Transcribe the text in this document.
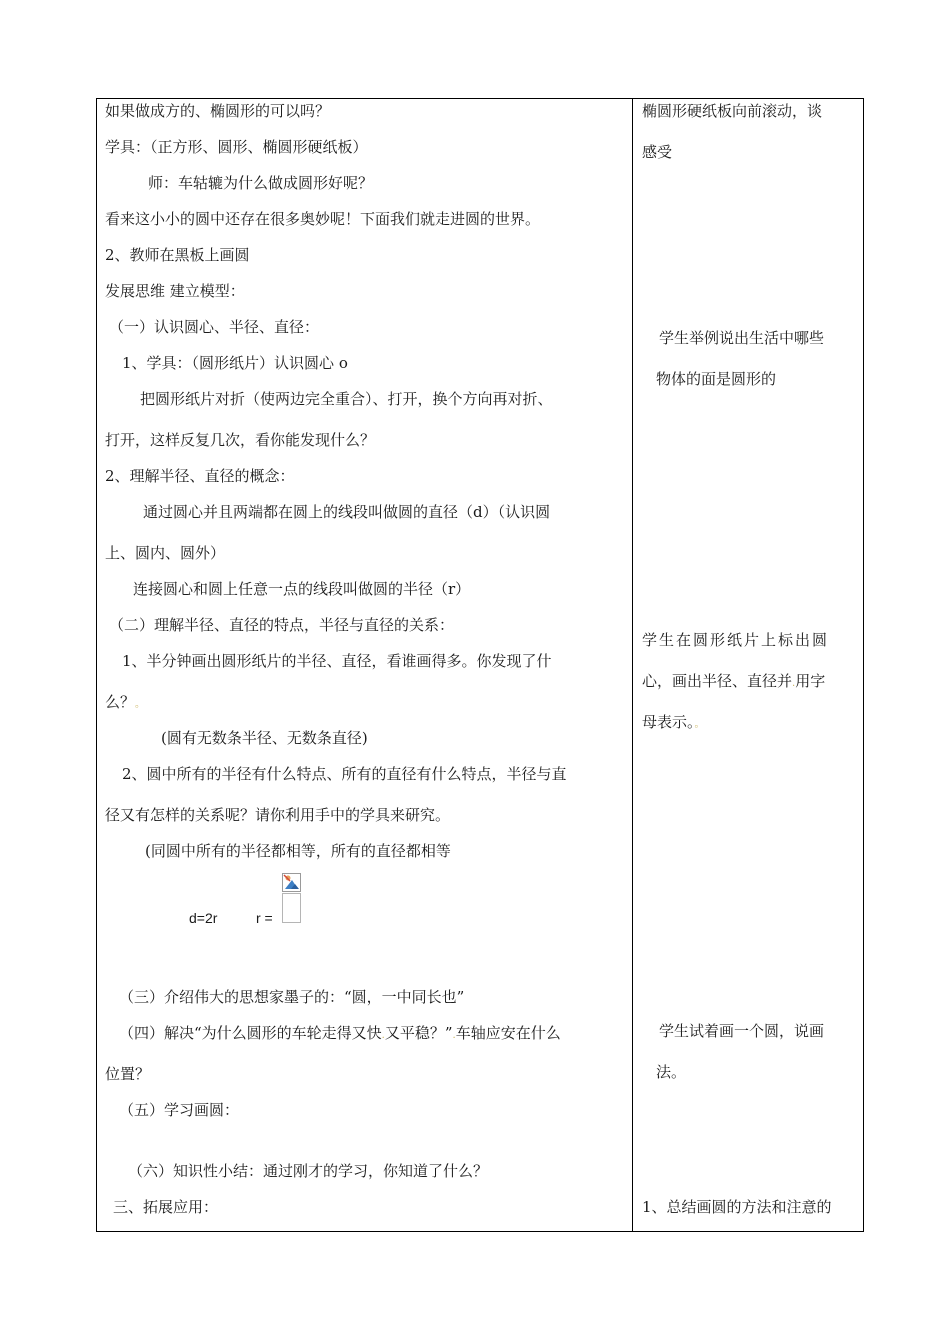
如果做成方的、椭圆形的可以吗？
学具：（正方形、圆形、椭圆形硬纸板）
师：车轱辘为什么做成圆形好呢？
看来这小小的圆中还存在很多奥妙呢！下面我们就走进圆的世界。
2、教师在黑板上画圆
发展思维 建立模型：
（一）认识圆心、半径、直径：
1、学具：（圆形纸片）认识圆心 o
把圆形纸片对折（使两边完全重合）、打开，换个方向再对折、
打开，这样反复几次，看你能发现什么？
2、理解半径、直径的概念：
通过圆心并且两端都在圆上的线段叫做圆的直径（d）（认识圆
上、圆内、圆外）
连接圆心和圆上任意一点的线段叫做圆的半径（r）
（二）理解半径、直径的特点，半径与直径的关系：
1、半分钟画出圆形纸片的半径、直径，看谁画得多。你发现了什
么？。
(圆有无数条半径、无数条直径)
2、圆中所有的半径有什么特点、所有的直径有什么特点，半径与直
径又有怎样的关系呢？请你利用手中的学具来研究。
(同圆中所有的半径都相等，所有的直径都相等
d=2r	r =
（三）介绍伟大的思想家墨子的：“圆，一中同长也”
（四）解决“为什么圆形的车轮走得又快.又平稳？”.车轴应安在什么
位置？
（五）学习画圆：
（六）知识性小结：通过刚才的学习，你知道了什么？
三、拓展应用：
椭圆形硬纸板向前滚动，谈
感受
学生举例说出生活中哪些
物体的面是圆形的
学生在圆形纸片上标出圆
心，画出半径、直径并.用字
母表示。。
学生试着画一个圆，说画
法。
1、总结画圆的方法和注意的
